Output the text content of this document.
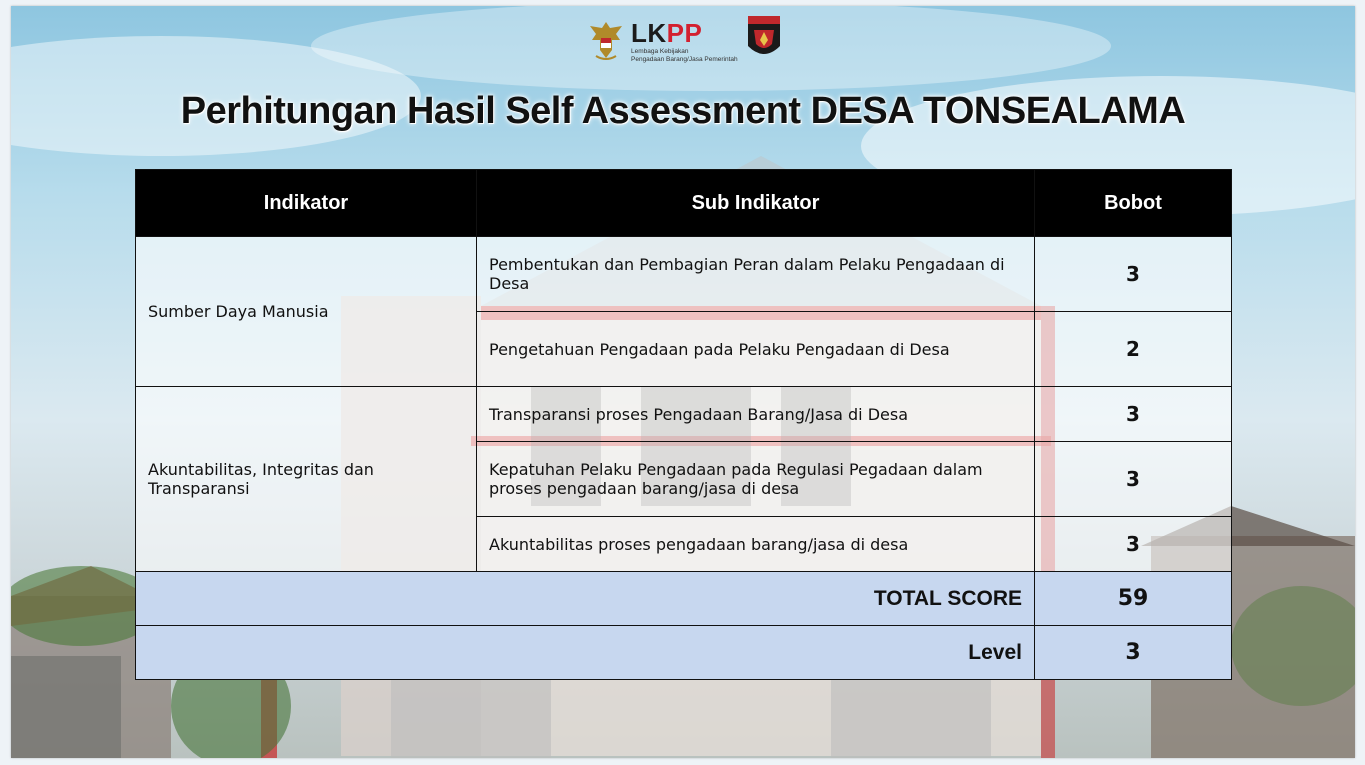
LKPP
Lembaga Kebijakan
Pengadaan Barang/Jasa Pemerintah
Perhitungan Hasil Self Assessment DESA TONSEALAMA
Indikator	Sub Indikator	Bobot
Sumber Daya Manusia	Pembentukan dan Pembagian Peran dalam Pelaku Pengadaan di Desa	3
	Pengetahuan Pengadaan pada Pelaku Pengadaan di Desa	2
Akuntabilitas, Integritas dan Transparansi	Transparansi proses Pengadaan Barang/Jasa di Desa	3
	Kepatuhan Pelaku Pengadaan pada Regulasi Pegadaan dalam proses pengadaan barang/jasa di desa	3
	Akuntabilitas proses pengadaan barang/jasa di desa	3
TOTAL SCORE		59
Level		3
